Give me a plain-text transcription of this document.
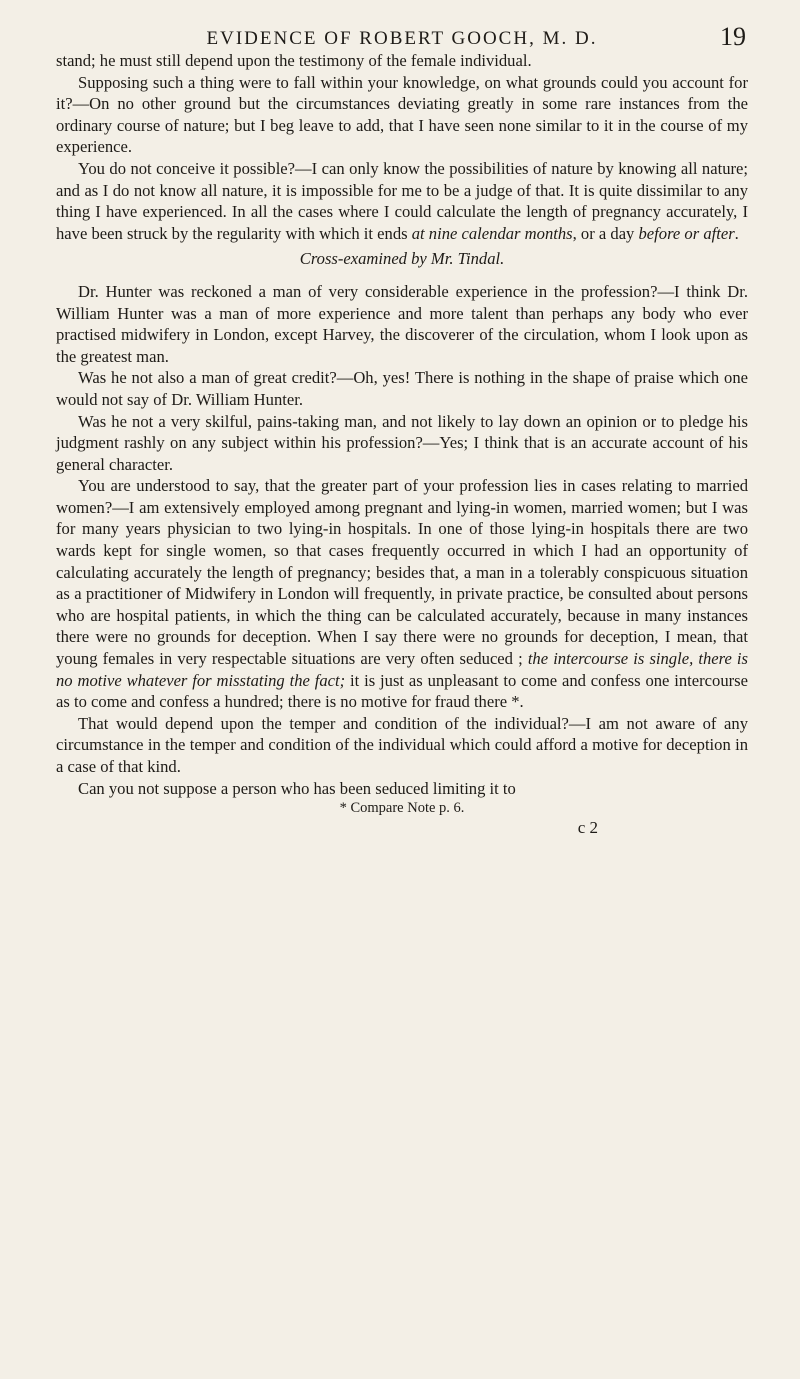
EVIDENCE OF ROBERT GOOCH, M. D.	19

stand; he must still depend upon the testimony of the female individual.

Supposing such a thing were to fall within your knowledge, on what grounds could you account for it?—On no other ground but the circumstances deviating greatly in some rare instances from the ordinary course of nature; but I beg leave to add, that I have seen none similar to it in the course of my experience.

You do not conceive it possible?—I can only know the possibilities of nature by knowing all nature; and as I do not know all nature, it is impossible for me to be a judge of that. It is quite dissimilar to any thing I have experienced. In all the cases where I could calculate the length of pregnancy accurately, I have been struck by the regularity with which it ends at nine calendar months, or a day before or after.

Cross-examined by Mr. Tindal.

Dr. Hunter was reckoned a man of very considerable experience in the profession?—I think Dr. William Hunter was a man of more experience and more talent than perhaps any body who ever practised midwifery in London, except Harvey, the discoverer of the circulation, whom I look upon as the greatest man.

Was he not also a man of great credit?—Oh, yes! There is nothing in the shape of praise which one would not say of Dr. William Hunter.

Was he not a very skilful, pains-taking man, and not likely to lay down an opinion or to pledge his judgment rashly on any subject within his profession?—Yes; I think that is an accurate account of his general character.

You are understood to say, that the greater part of your profession lies in cases relating to married women?—I am extensively employed among pregnant and lying-in women, married women; but I was for many years physician to two lying-in hospitals. In one of those lying-in hospitals there are two wards kept for single women, so that cases frequently occurred in which I had an opportunity of calculating accurately the length of pregnancy; besides that, a man in a tolerably conspicuous situation as a practitioner of Midwifery in London will frequently, in private practice, be consulted about persons who are hospital patients, in which the thing can be calculated accurately, because in many instances there were no grounds for deception. When I say there were no grounds for deception, I mean, that young females in very respectable situations are very often seduced ; the intercourse is single, there is no motive whatever for misstating the fact; it is just as unpleasant to come and confess one intercourse as to come and confess a hundred; there is no motive for fraud there *.

That would depend upon the temper and condition of the individual?—I am not aware of any circumstance in the temper and condition of the individual which could afford a motive for deception in a case of that kind.

Can you not suppose a person who has been seduced limiting it to

* Compare Note p. 6.
c 2
